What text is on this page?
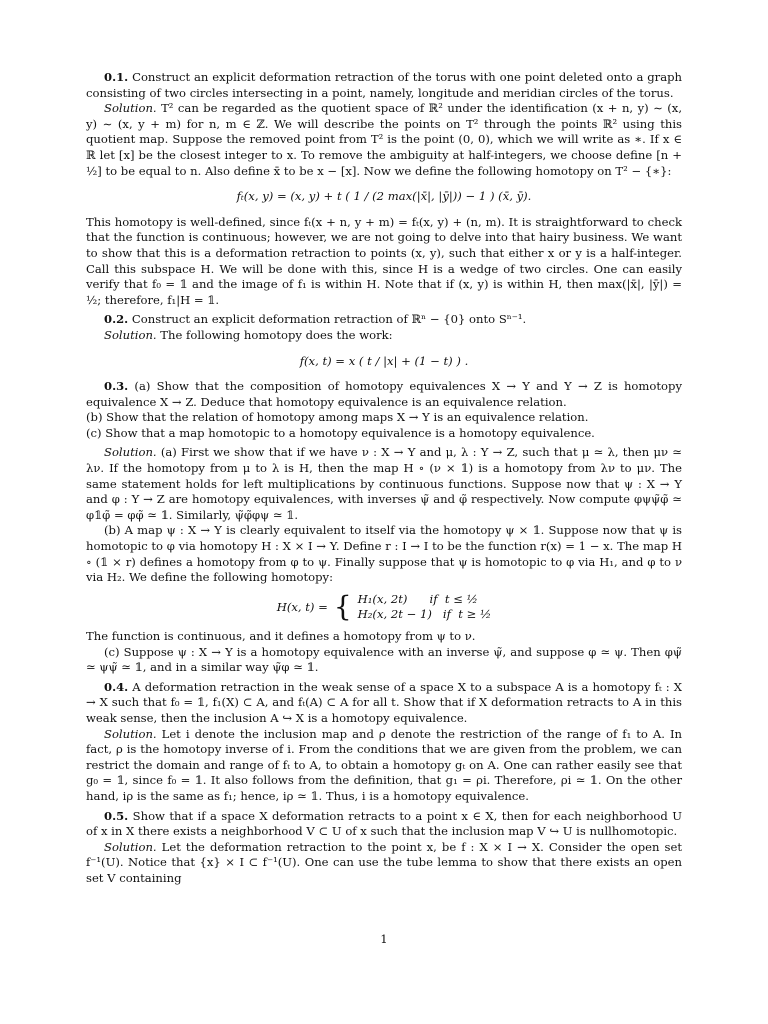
0.1. Construct an explicit deformation retraction of the torus with one point deleted onto a graph consisting of two circles intersecting in a point, namely, longitude and meridian circles of the torus.

Solution. T² can be regarded as the quotient space of ℝ² under the identification (x + n, y) ∼ (x, y) ∼ (x, y + m) for n, m ∈ ℤ. We will describe the points on T² through the points ℝ² using this quotient map. Suppose the removed point from T² is the point (0, 0), which we will write as ∗. If x ∈ ℝ let [x] be the closest integer to x. To remove the ambiguity at half-integers, we choose define [n + ½] to be equal to n. Also define x̄ to be x − [x]. Now we define the following homotopy on T² − {∗}:

fₜ(x, y) = (x, y) + t ( 1 / (2 max(|x̄|, |ȳ|)) − 1 ) (x̄, ȳ).

This homotopy is well-defined, since fₜ(x + n, y + m) = fₜ(x, y) + (n, m). It is straightforward to check that the function is continuous; however, we are not going to delve into that hairy business. We want to show that this is a deformation retraction to points (x, y), such that either x or y is a half-integer. Call this subspace H. We will be done with this, since H is a wedge of two circles. One can easily verify that f₀ = 𝟙 and the image of f₁ is within H. Note that if (x, y) is within H, then max(|x̄|, |ȳ|) = ½; therefore, f₁|H = 𝟙.

0.2. Construct an explicit deformation retraction of ℝⁿ − {0} onto Sⁿ⁻¹.

Solution. The following homotopy does the work:

f(x, t) = x ( t / |x| + (1 − t) ) .

0.3. (a) Show that the composition of homotopy equivalences X → Y and Y → Z is homotopy equivalence X → Z. Deduce that homotopy equivalence is an equivalence relation.

(b) Show that the relation of homotopy among maps X → Y is an equivalence relation.

(c) Show that a map homotopic to a homotopy equivalence is a homotopy equivalence.

Solution. (a) First we show that if we have ν : X → Y and μ, λ : Y → Z, such that μ ≃ λ, then μν ≃ λν. If the homotopy from μ to λ is H, then the map H ∘ (ν × 𝟙) is a homotopy from λν to μν. The same statement holds for left multiplications by continuous functions. Suppose now that ψ : X → Y and φ : Y → Z are homotopy equivalences, with inverses ψ̃ and φ̃ respectively. Now compute φψψ̃φ̃ ≃ φ𝟙φ̃ = φφ̃ ≃ 𝟙. Similarly, ψ̃φ̃φψ ≃ 𝟙.

(b) A map ψ : X → Y is clearly equivalent to itself via the homotopy ψ × 𝟙. Suppose now that ψ is homotopic to φ via homotopy H : X × I → Y. Define r : I → I to be the function r(x) = 1 − x. The map H ∘ (𝟙 × r) defines a homotopy from φ to ψ. Finally suppose that ψ is homotopic to φ via H₁, and φ to ν via H₂. We define the following homotopy:

H(x, t) = { H₁(x, 2t)      if  t ≤ ½
H₂(x, 2t − 1)   if  t ≥ ½

The function is continuous, and it defines a homotopy from ψ to ν.

(c) Suppose ψ : X → Y is a homotopy equivalence with an inverse ψ̃, and suppose φ ≃ ψ. Then φψ̃ ≃ ψψ̃ ≃ 𝟙, and in a similar way ψ̃φ ≃ 𝟙.

0.4. A deformation retraction in the weak sense of a space X to a subspace A is a homotopy fₜ : X → X such that f₀ = 𝟙, f₁(X) ⊂ A, and fₜ(A) ⊂ A for all t. Show that if X deformation retracts to A in this weak sense, then the inclusion A ↪ X is a homotopy equivalence.

Solution. Let i denote the inclusion map and ρ denote the restriction of the range of f₁ to A. In fact, ρ is the homotopy inverse of i. From the conditions that we are given from the problem, we can restrict the domain and range of fₜ to A, to obtain a homotopy gₜ on A. One can rather easily see that g₀ = 𝟙, since f₀ = 𝟙. It also follows from the definition, that g₁ = ρi. Therefore, ρi ≃ 𝟙. On the other hand, iρ is the same as f₁; hence, iρ ≃ 𝟙. Thus, i is a homotopy equivalence.

0.5. Show that if a space X deformation retracts to a point x ∈ X, then for each neighborhood U of x in X there exists a neighborhood V ⊂ U of x such that the inclusion map V ↪ U is nullhomotopic.

Solution. Let the deformation retraction to the point x, be f : X × I → X. Consider the open set f⁻¹(U). Notice that {x} × I ⊂ f⁻¹(U). One can use the tube lemma to show that there exists an open set V containing

1
